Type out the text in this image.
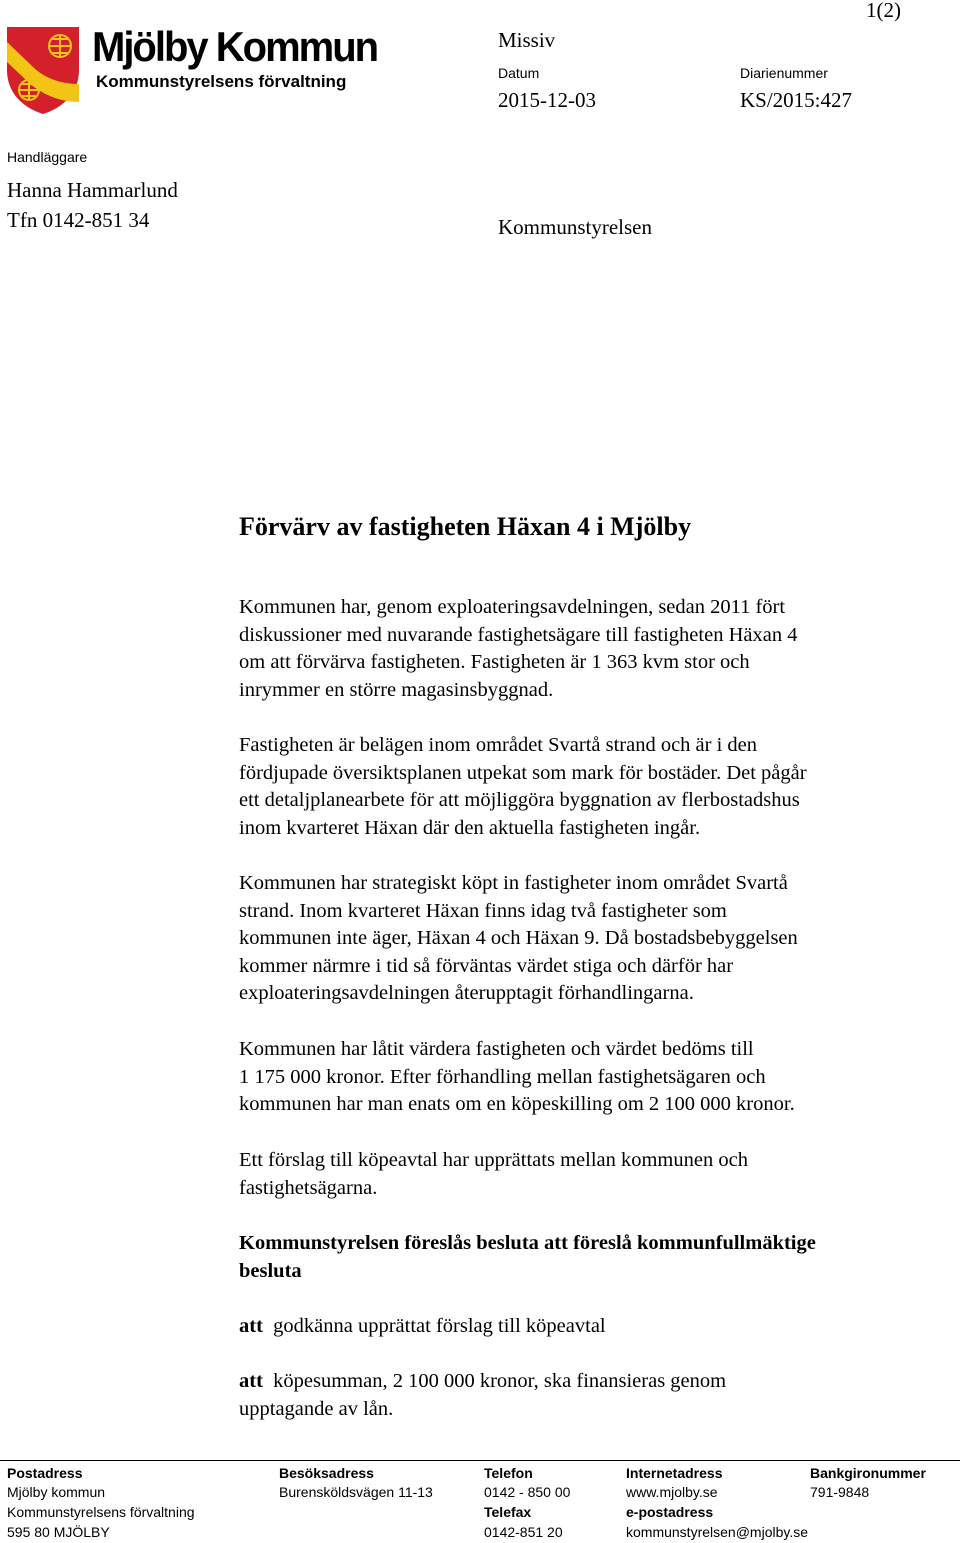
Mjölby Kommun
Kommunstyrelsens förvaltning
1(2)
Missiv
Datum
2015-12-03
Diarienummer
KS/2015:427
Handläggare
Hanna Hammarlund
Tfn 0142-851 34	Kommunstyrelsen
Förvärv av fastigheten Häxan 4 i Mjölby
Kommunen har, genom exploateringsavdelningen, sedan 2011 fört
diskussioner med nuvarande fastighetsägare till fastigheten Häxan 4
om att förvärva fastigheten. Fastigheten är 1 363 kvm stor och
inrymmer en större magasinsbyggnad.
Fastigheten är belägen inom området Svartå strand och är i den
fördjupade översiktsplanen utpekat som mark för bostäder. Det pågår
ett detaljplanearbete för att möjliggöra byggnation av flerbostadshus
inom kvarteret Häxan där den aktuella fastigheten ingår.
Kommunen har strategiskt köpt in fastigheter inom området Svartå
strand. Inom kvarteret Häxan finns idag två fastigheter som
kommunen inte äger, Häxan 4 och Häxan 9. Då bostadsbebyggelsen
kommer närmre i tid så förväntas värdet stiga och därför har
exploateringsavdelningen återupptagit förhandlingarna.
Kommunen har låtit värdera fastigheten och värdet bedöms till
1 175 000 kronor. Efter förhandling mellan fastighetsägaren och
kommunen har man enats om en köpeskilling om 2 100 000 kronor.
Ett förslag till köpeavtal har upprättats mellan kommunen och
fastighetsägarna.
Kommunstyrelsen föreslås besluta att föreslå kommunfullmäktige
besluta
att godkänna upprättat förslag till köpeavtal
att köpesumman, 2 100 000 kronor, ska finansieras genom
upptagande av lån.
Postadress
Mjölby kommun
Kommunstyrelsens förvaltning
595 80 MJÖLBY
Besöksadress
Burensköldsvägen 11-13
Telefon
0142 - 850 00
Telefax
0142-851 20
Internetadress
www.mjolby.se
e-postadress
kommunstyrelsen@mjolby.se
Bankgironummer
791-9848
